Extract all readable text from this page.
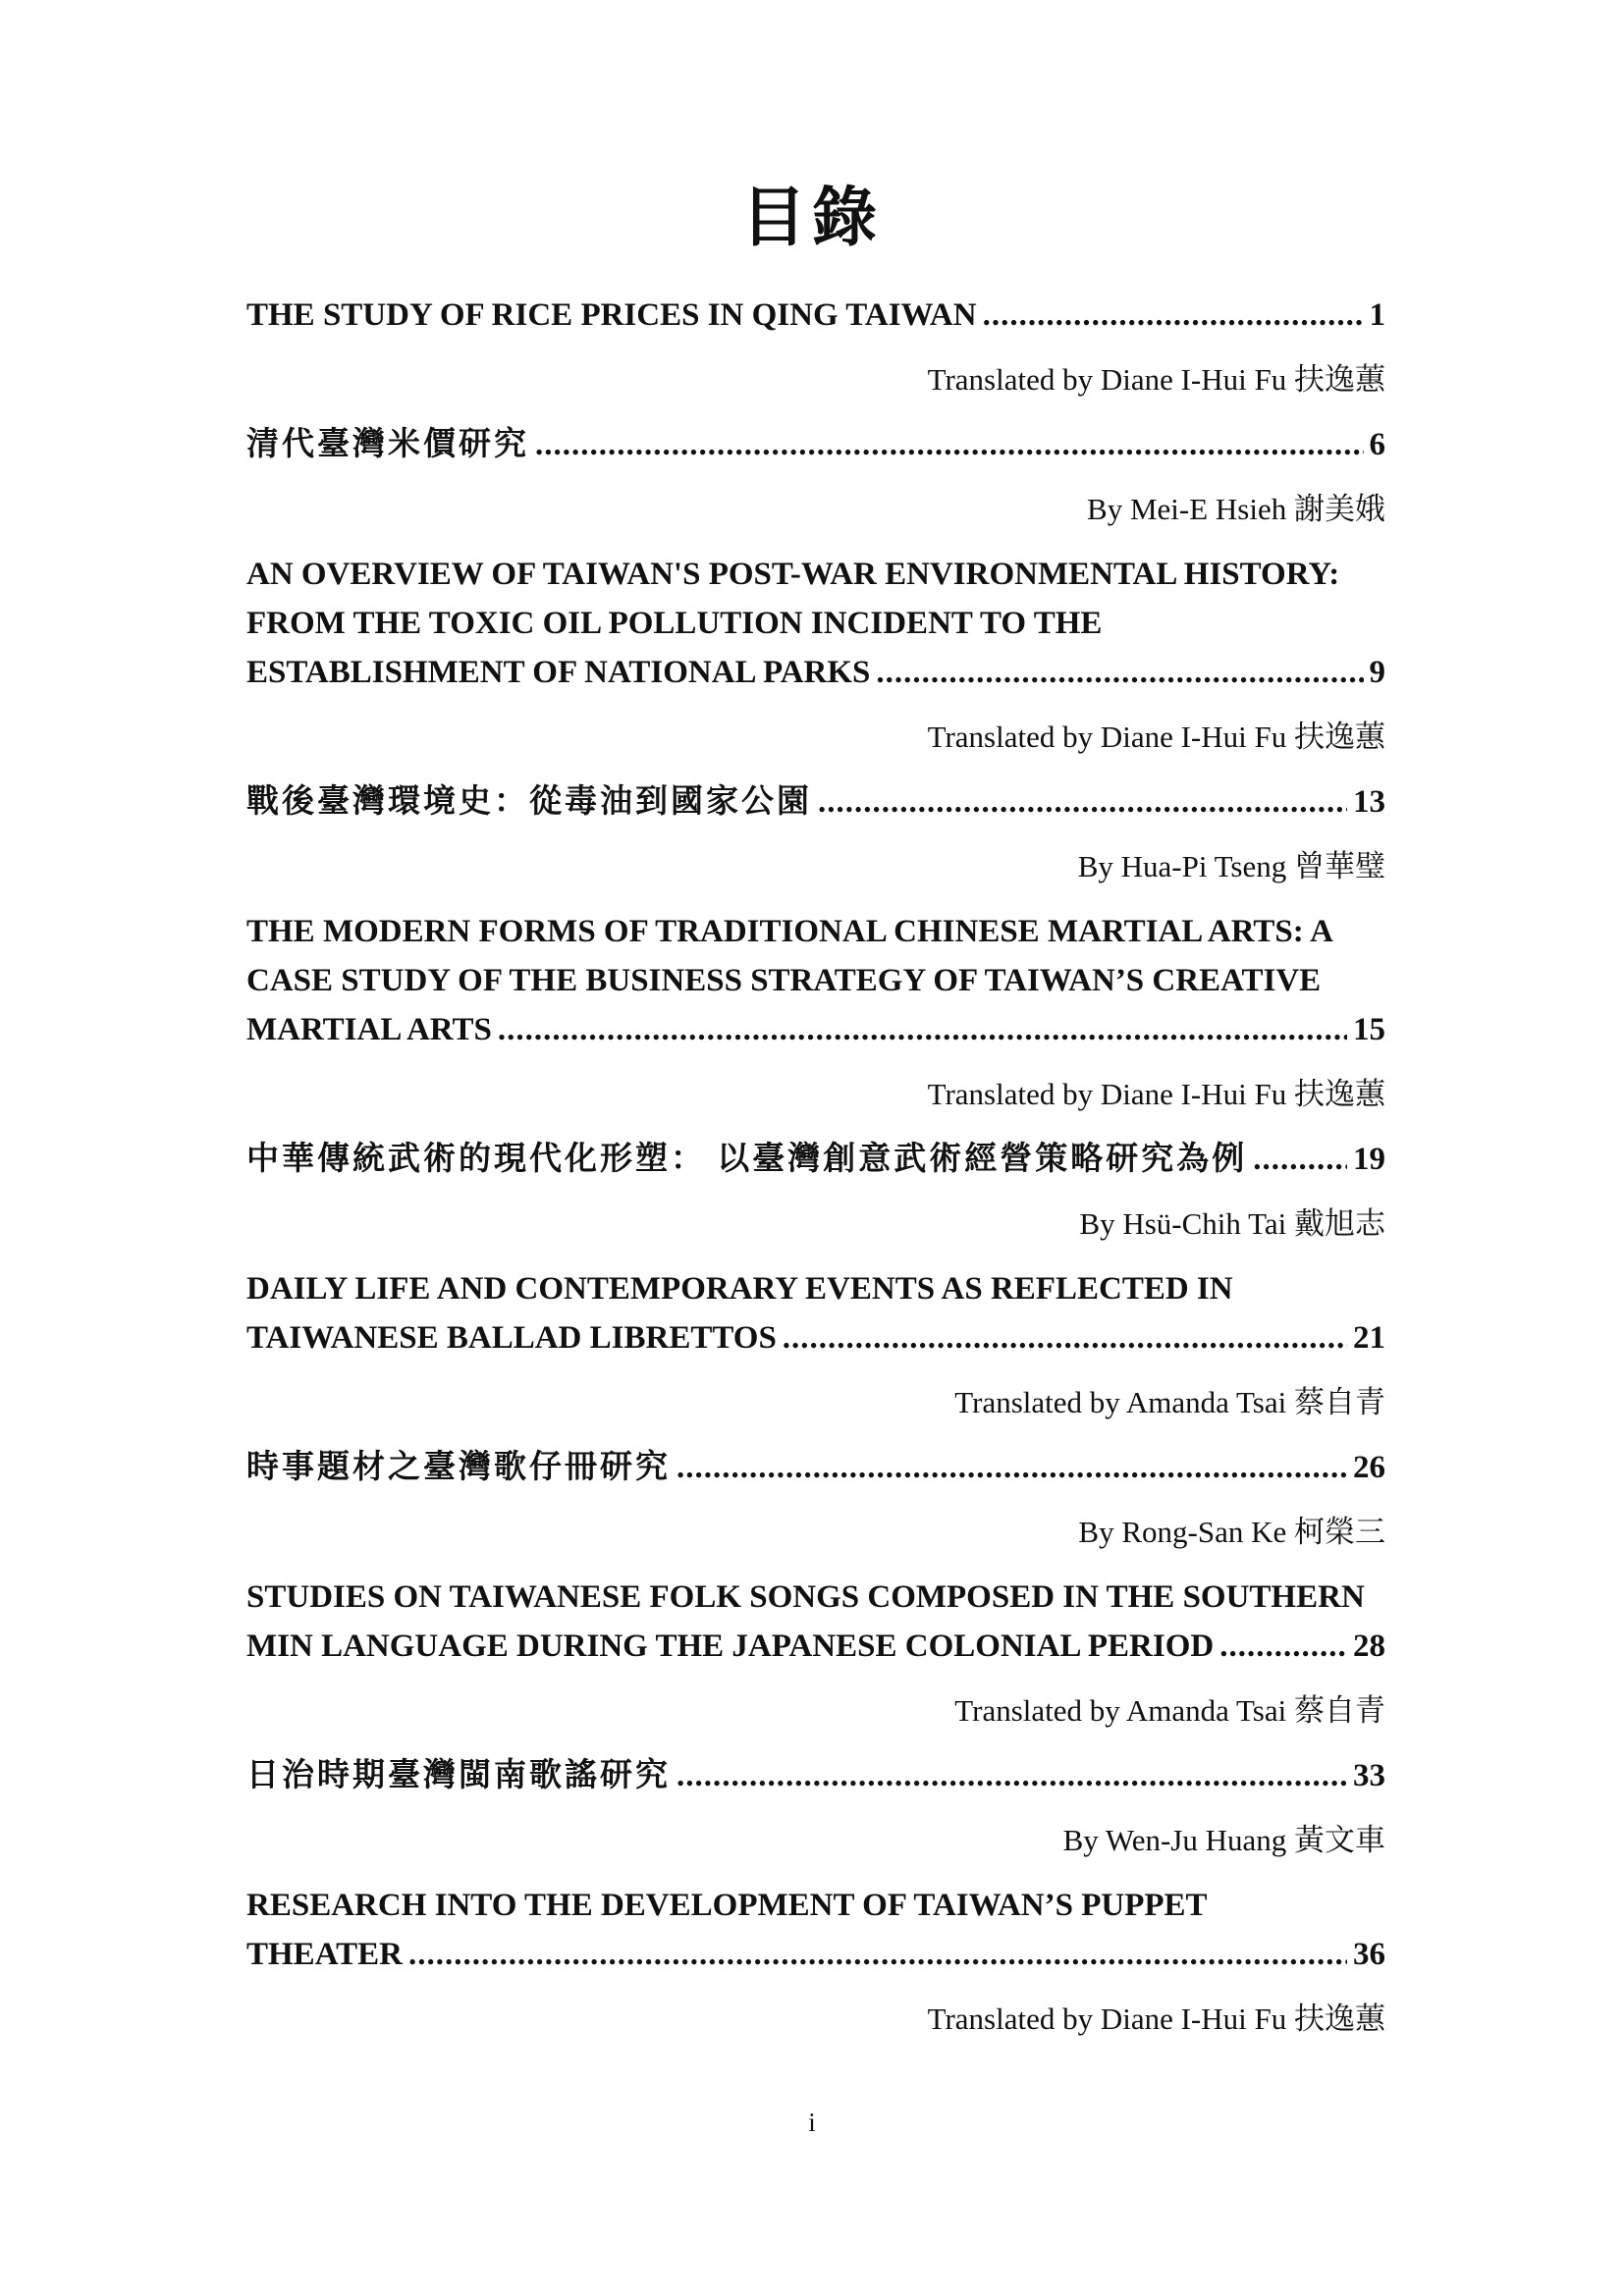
目錄
THE STUDY OF RICE PRICES IN QING TAIWAN .....	1
Translated by Diane I-Hui Fu 扶逸蕙
清代臺灣米價研究 .....	6
By Mei-E Hsieh 謝美娥
AN OVERVIEW OF TAIWAN'S POST-WAR ENVIRONMENTAL HISTORY:
FROM THE TOXIC OIL POLLUTION INCIDENT TO THE
ESTABLISHMENT OF NATIONAL PARKS .....	9
Translated by Diane I-Hui Fu 扶逸蕙
戰後臺灣環境史：從毒油到國家公園 .....	13
By Hua-Pi Tseng 曾華璧
THE MODERN FORMS OF TRADITIONAL CHINESE MARTIAL ARTS: A
CASE STUDY OF THE BUSINESS STRATEGY OF TAIWAN’S CREATIVE
MARTIAL ARTS .....	15
Translated by Diane I-Hui Fu 扶逸蕙
中華傳統武術的現代化形塑： 以臺灣創意武術經營策略研究為例 .....	19
By Hsü-Chih Tai 戴旭志
DAILY LIFE AND CONTEMPORARY EVENTS AS REFLECTED IN
TAIWANESE BALLAD LIBRETTOS .....	21
Translated by Amanda Tsai 蔡自青
時事題材之臺灣歌仔冊研究 .....	26
By Rong-San Ke 柯榮三
STUDIES ON TAIWANESE FOLK SONGS COMPOSED IN THE SOUTHERN
MIN LANGUAGE DURING THE JAPANESE COLONIAL PERIOD .....	28
Translated by Amanda Tsai 蔡自青
日治時期臺灣閩南歌謠研究 .....	33
By Wen-Ju Huang 黃文車
RESEARCH INTO THE DEVELOPMENT OF TAIWAN’S PUPPET
THEATER .....	36
Translated by Diane I-Hui Fu 扶逸蕙
i
